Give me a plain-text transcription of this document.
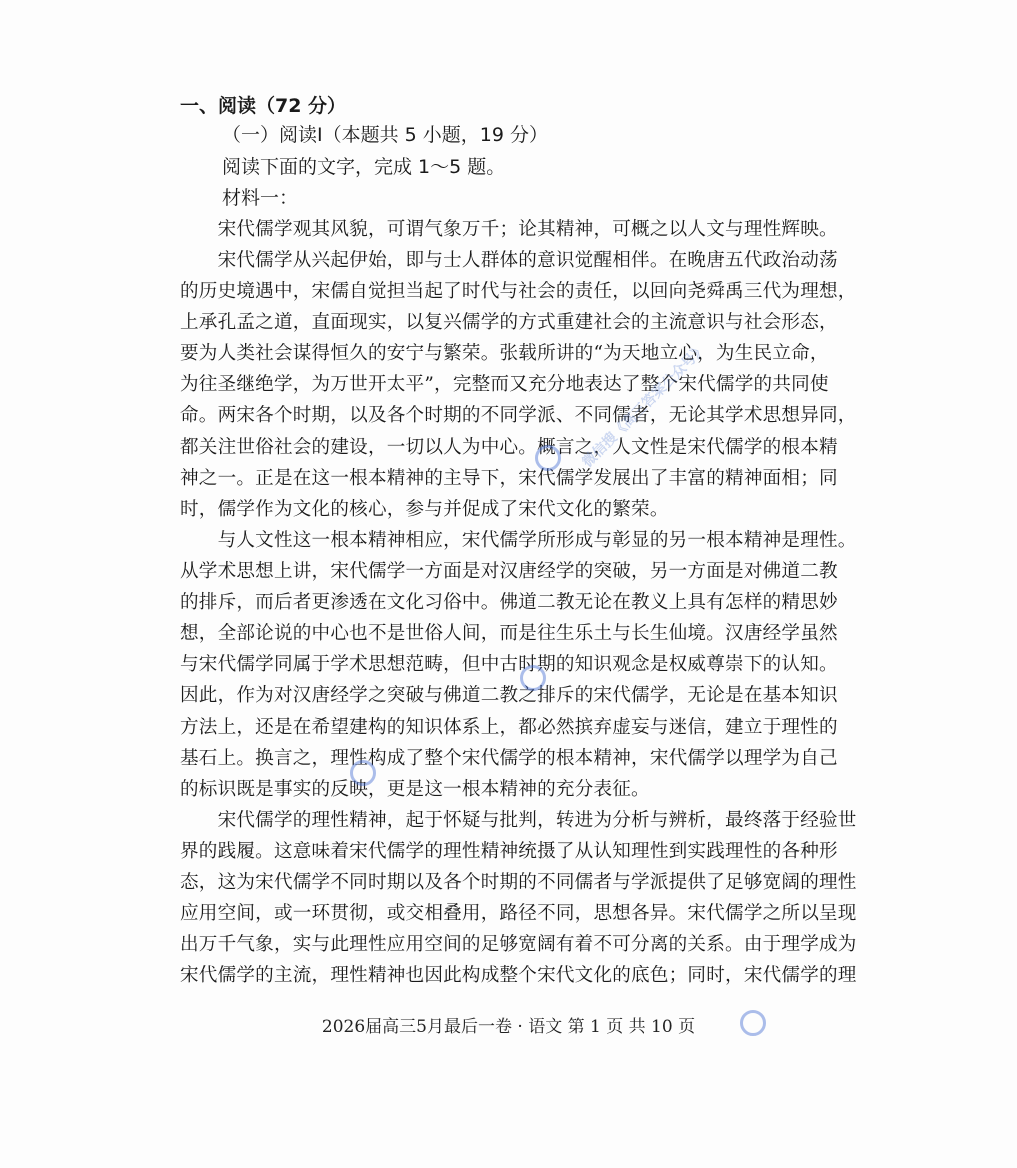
一、阅读（72 分）
（一）阅读Ⅰ（本题共 5 小题，19 分）
阅读下面的文字，完成 1～5 题。
材料一：
　　宋代儒学观其风貌，可谓气象万千；论其精神，可概之以人文与理性辉映。
　　宋代儒学从兴起伊始，即与士人群体的意识觉醒相伴。在晚唐五代政治动荡
的历史境遇中，宋儒自觉担当起了时代与社会的责任，以回向尧舜禹三代为理想，
上承孔孟之道，直面现实，以复兴儒学的方式重建社会的主流意识与社会形态，
要为人类社会谋得恒久的安宁与繁荣。张载所讲的“为天地立心，为生民立命，
为往圣继绝学，为万世开太平”，完整而又充分地表达了整个宋代儒学的共同使
命。两宋各个时期，以及各个时期的不同学派、不同儒者，无论其学术思想异同，
都关注世俗社会的建设，一切以人为中心。概言之，人文性是宋代儒学的根本精
神之一。正是在这一根本精神的主导下，宋代儒学发展出了丰富的精神面相；同
时，儒学作为文化的核心，参与并促成了宋代文化的繁荣。
　　与人文性这一根本精神相应，宋代儒学所形成与彰显的另一根本精神是理性。
从学术思想上讲，宋代儒学一方面是对汉唐经学的突破，另一方面是对佛道二教
的排斥，而后者更渗透在文化习俗中。佛道二教无论在教义上具有怎样的精思妙
想，全部论说的中心也不是世俗人间，而是往生乐土与长生仙境。汉唐经学虽然
与宋代儒学同属于学术思想范畴，但中古时期的知识观念是权威尊崇下的认知。
因此，作为对汉唐经学之突破与佛道二教之排斥的宋代儒学，无论是在基本知识
方法上，还是在希望建构的知识体系上，都必然摈弃虚妄与迷信，建立于理性的
基石上。换言之，理性构成了整个宋代儒学的根本精神，宋代儒学以理学为自己
的标识既是事实的反映，更是这一根本精神的充分表征。
　　宋代儒学的理性精神，起于怀疑与批判，转进为分析与辨析，最终落于经验世
界的践履。这意味着宋代儒学的理性精神统摄了从认知理性到实践理性的各种形
态，这为宋代儒学不同时期以及各个时期的不同儒者与学派提供了足够宽阔的理性
应用空间，或一环贯彻，或交相叠用，路径不同，思想各异。宋代儒学之所以呈现
出万千气象，实与此理性应用空间的足够宽阔有着不可分离的关系。由于理学成为
宋代儒学的主流，理性精神也因此构成整个宋代文化的底色；同时，宋代儒学的理
2026届高三5月最后一卷 · 语文 第 1 页 共 10 页
微信搜《高三答案公众号》
